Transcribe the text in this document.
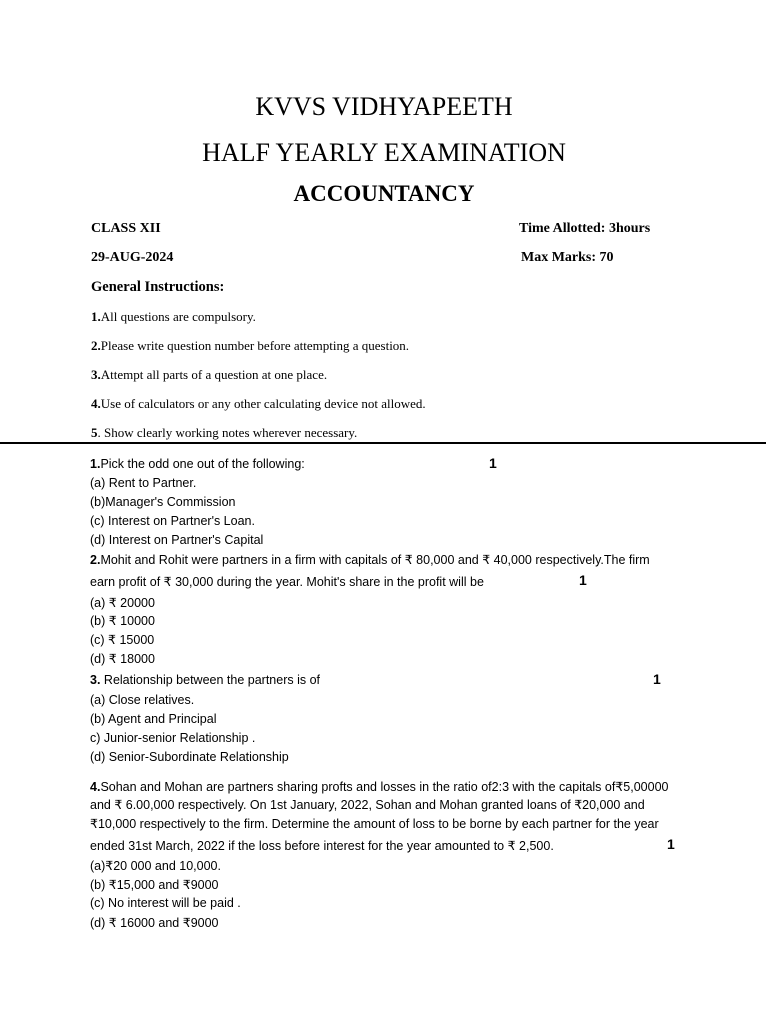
KVVS VIDHYAPEETH
HALF YEARLY EXAMINATION
ACCOUNTANCY
CLASS XII	Time Allotted: 3hours
29-AUG-2024	Max Marks: 70
General Instructions:
1.All questions are compulsory.
2.Please write question number before attempting a question.
3.Attempt all parts of a question at one place.
4.Use of calculators or any other calculating device not allowed.
5. Show clearly working notes wherever necessary.
1.Pick the odd one out of the following:	1
(a) Rent to Partner.
(b)Manager's Commission
(c) Interest on Partner's Loan.
(d) Interest on Partner's Capital
2.Mohit and Rohit were partners in a firm with capitals of ₹ 80,000 and ₹ 40,000 respectively.The firm
earn profit of ₹ 30,000 during the year. Mohit's share in the profit will be	1
(a) ₹ 20000
(b) ₹ 10000
(c) ₹ 15000
(d) ₹ 18000
3. Relationship between the partners is of	1
(a) Close relatives.
(b) Agent and Principal
c) Junior-senior Relationship .
(d) Senior-Subordinate Relationship
4.Sohan and Mohan are partners sharing profts and losses in the ratio of2:3 with the capitals of₹5,00000
and ₹ 6.00,000 respectively. On 1st January, 2022, Sohan and Mohan granted loans of ₹20,000 and
₹10,000 respectively to the firm. Determine the amount of loss to be borne by each partner for the year
ended 31st March, 2022 if the loss before interest for the year amounted to ₹ 2,500.	1
(a)₹20 000 and 10,000.
(b) ₹15,000 and ₹9000
(c) No interest will be paid .
(d) ₹ 16000 and ₹9000
